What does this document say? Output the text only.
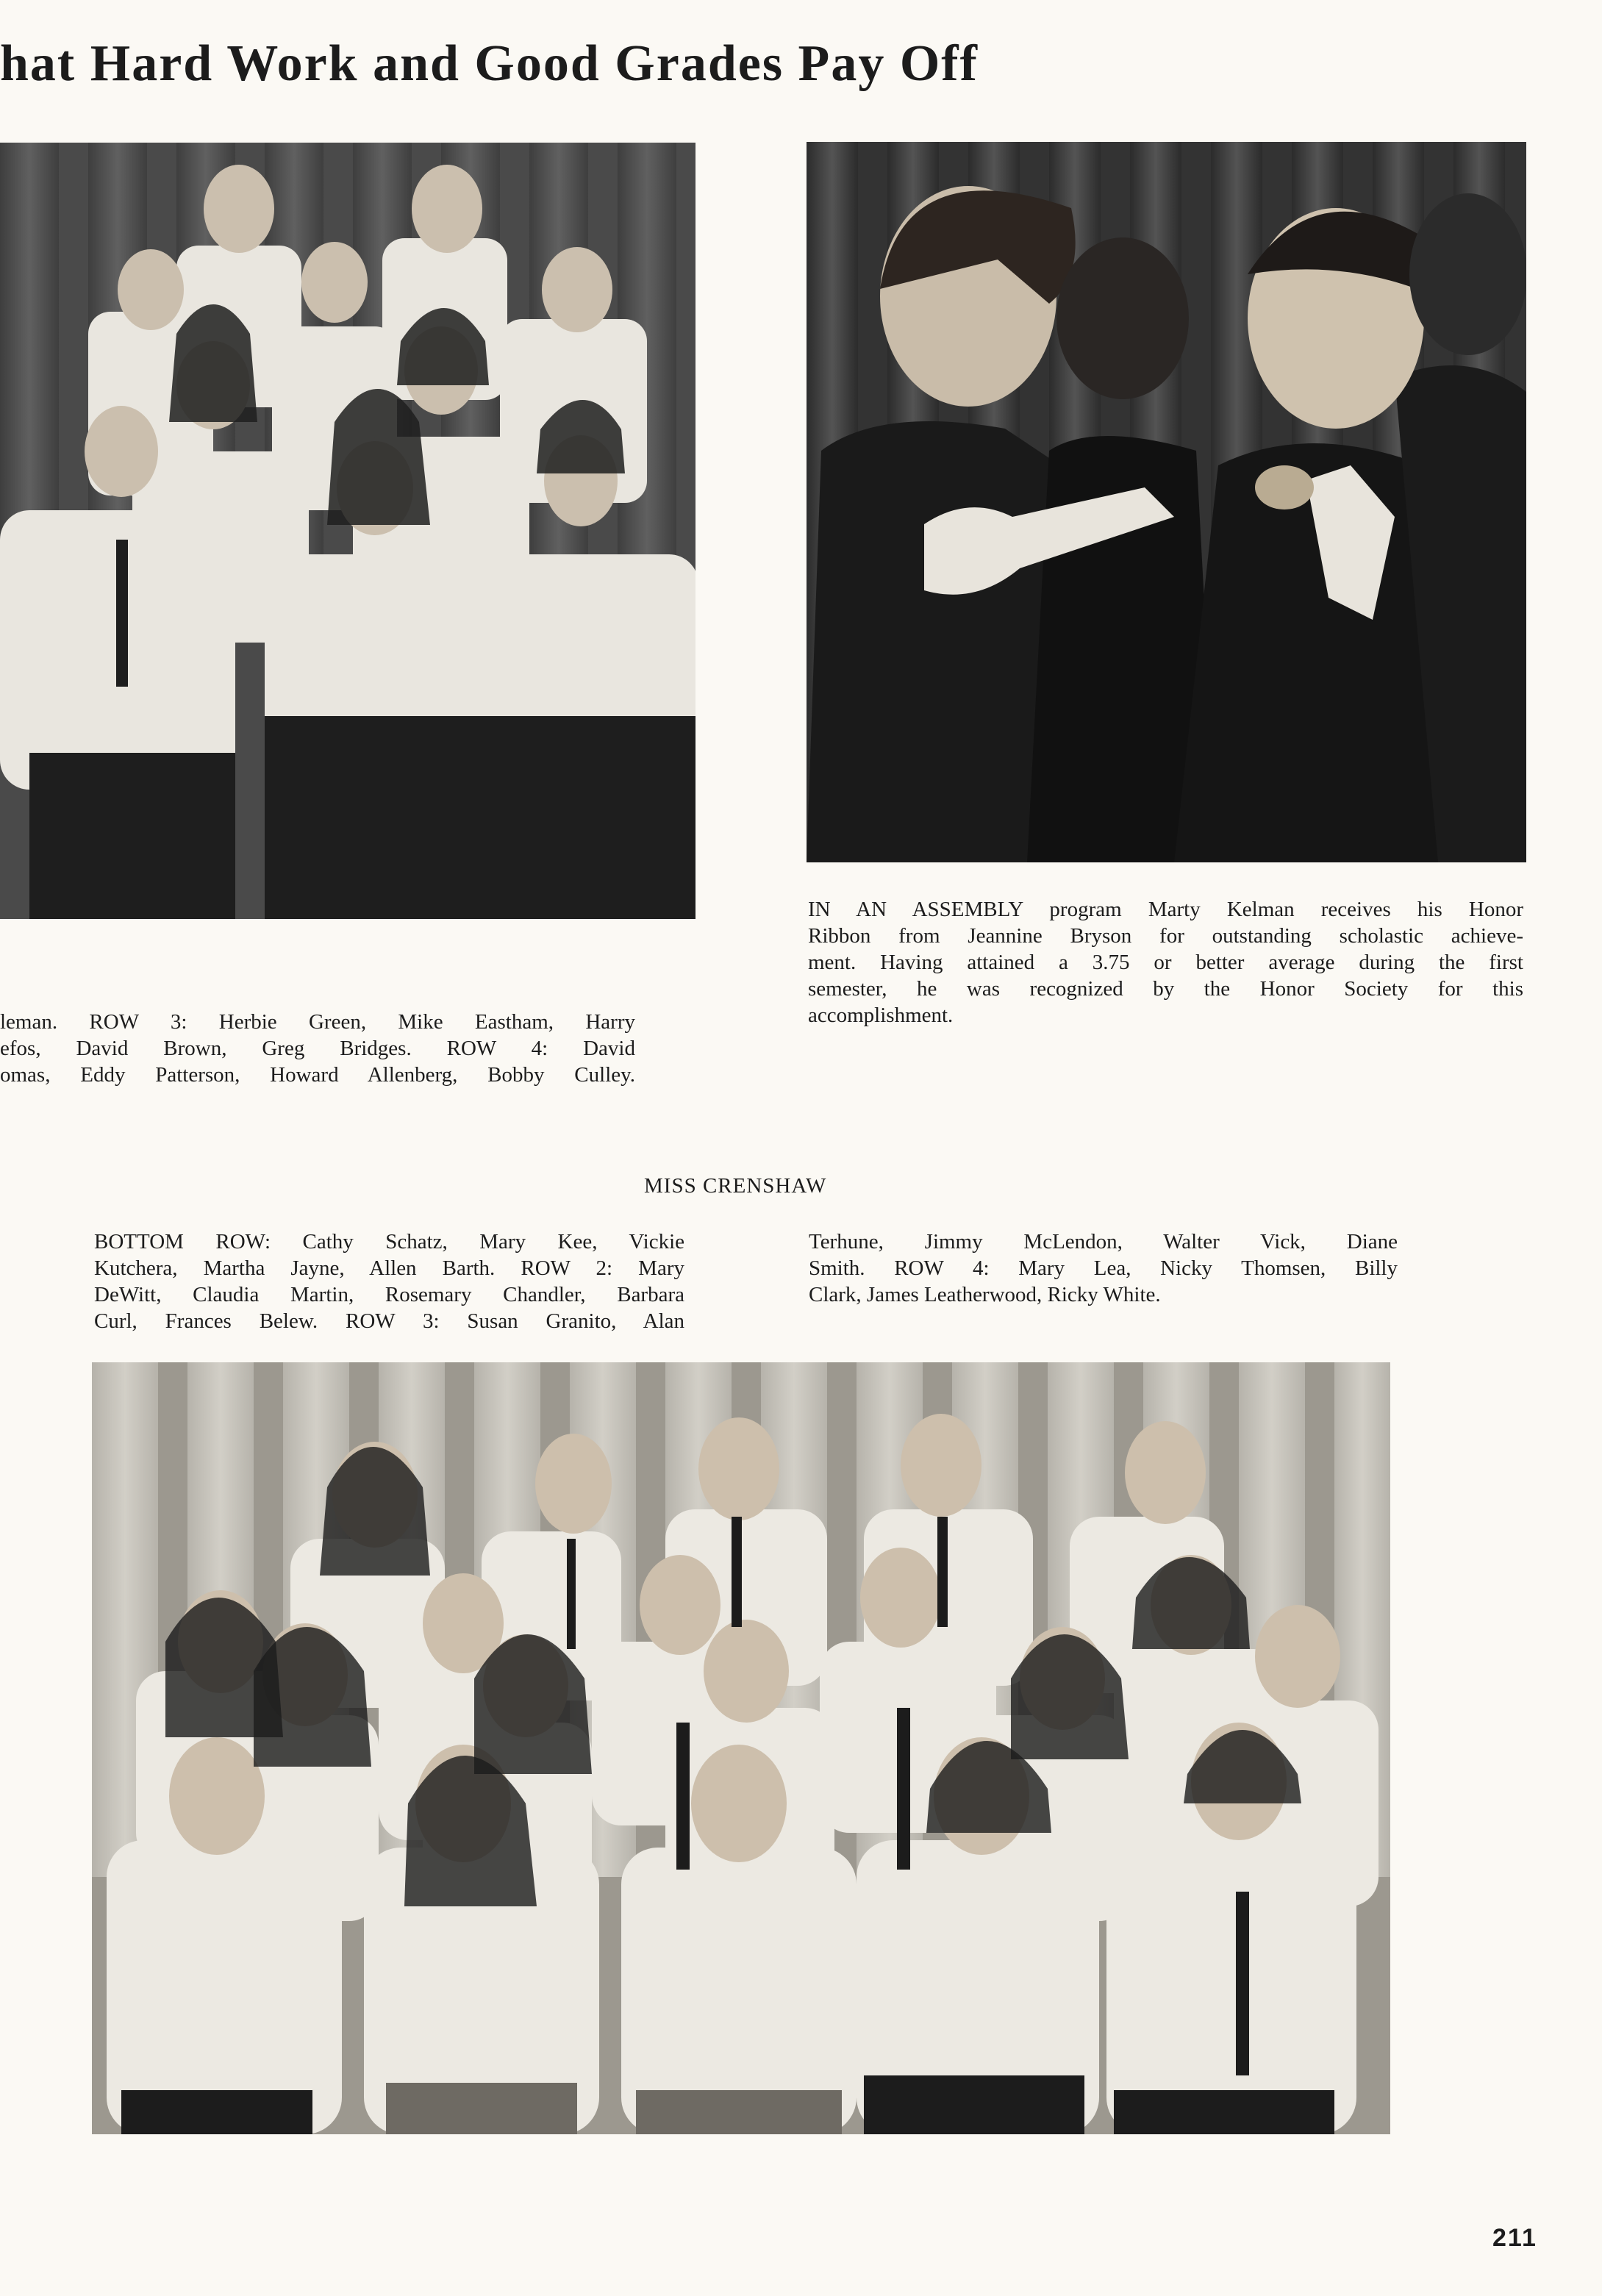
hat Hard Work and Good Grades Pay Off
leman. ROW 3: Herbie Green, Mike Eastham, Harry
efos, David Brown, Greg Bridges. ROW 4: David
omas, Eddy Patterson, Howard Allenberg, Bobby Culley.
IN AN ASSEMBLY program Marty Kelman receives his Honor
Ribbon from Jeannine Bryson for outstanding scholastic achieve-
ment. Having attained a 3.75 or better average during the first
semester, he was recognized by the Honor Society for this
accomplishment.
MISS CRENSHAW
BOTTOM ROW: Cathy Schatz, Mary Kee, Vickie
Kutchera, Martha Jayne, Allen Barth. ROW 2: Mary
DeWitt, Claudia Martin, Rosemary Chandler, Barbara
Curl, Frances Belew. ROW 3: Susan Granito, Alan
Terhune, Jimmy McLendon, Walter Vick, Diane
Smith. ROW 4: Mary Lea, Nicky Thomsen, Billy
Clark, James Leatherwood, Ricky White.
211
